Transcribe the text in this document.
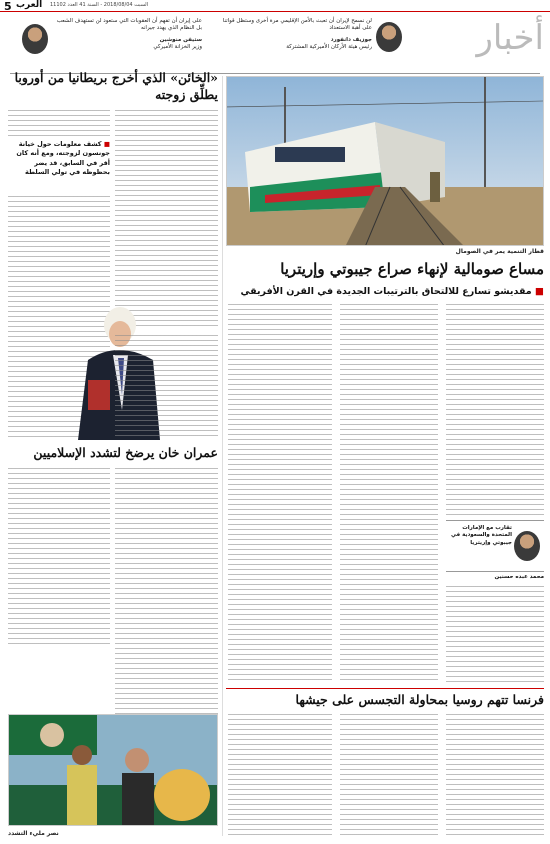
5 العرب السبت 2018/08/04 - السنة 41 العدد 11102
أخبار
لن نسمح لإيران أن تعبث بالأمن الإقليمي مرة أخرى وستظل قواتنا على أهبة الاستعداد
جوزيف دانفورد
رئيس هيئة الأركان الأميركية المشتركة
على إيران أن تفهم أن العقوبات التي ستعود لن تستهدف الشعب بل النظام الذي يهدد جيرانه
ستيفن منوشين
وزير الخزانة الأميركي
قطار التنمية يمر في الصومال
مساع صومالية لإنهاء صراع جيبوتي وإريتريا
■ مقديشو تسارع للالتحاق بالترتيبات الجديدة في القرن الأفريقي
تقارب مع الإمارات المتحدة والسعودية في جيبوتي وإريتريا
محمد عبده حسنين
«الخائن» الذي أخرج بريطانيا من أوروبا يطلِّق زوجته
■ كشف معلومات حول خيانة جونسون لزوجته، ومع أنه كان أقر في السابق، قد يضر بحظوظه في تولي السلطة
عمران خان يرضخ لتشدد الإسلاميين
نصر مليء التشدد
فرنسا تتهم روسيا بمحاولة التجسس على جيشها
